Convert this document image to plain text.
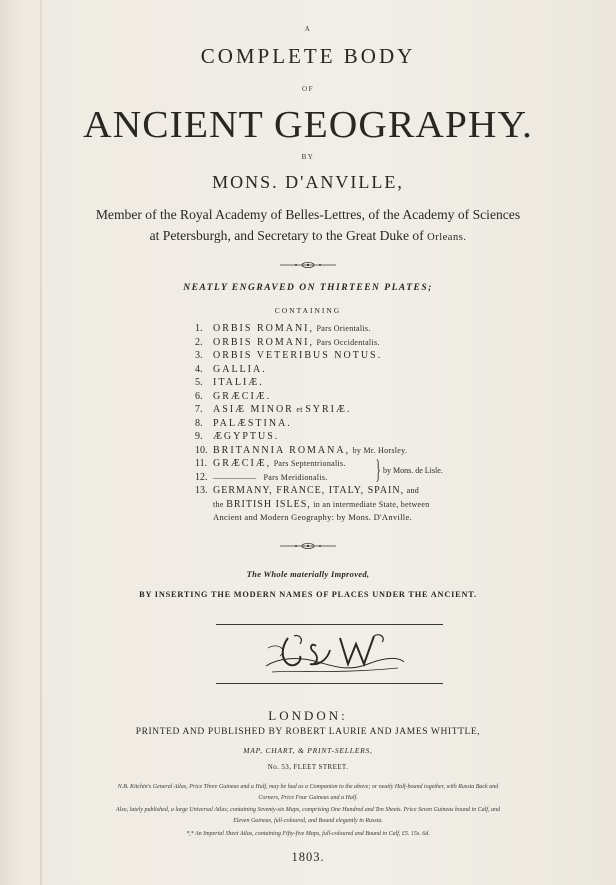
A
COMPLETE BODY
OF
ANCIENT GEOGRAPHY.
BY
MONS. D'ANVILLE,
Member of the Royal Academy of Belles-Lettres, of the Academy of Sciences
at Petersburgh, and Secretary to the Great Duke of Orleans.
NEATLY ENGRAVED ON THIRTEEN PLATES;
CONTAINING
1. ORBIS ROMANI, Pars Orientalis.
2. ORBIS ROMANI, Pars Occidentalis.
3. ORBIS VETERIBUS NOTUS.
4. GALLIA.
5. ITALIÆ.
6. GRÆCIÆ.
7. ASIÆ MINOR et SYRIÆ.
8. PALÆSTINA.
9. ÆGYPTUS.
10. BRITANNIA ROMANA, by Mr. Horsley.
11. GRÆCIÆ, Pars Septentrionalis.
12. —————— Pars Meridionalis.	} by Mons. de Lisle.
13. GERMANY, FRANCE, ITALY, SPAIN, and
the BRITISH ISLES, in an intermediate State, between
Ancient and Modern Geography: by Mons. D'Anville.
The Whole materially Improved,
BY INSERTING THE MODERN NAMES OF PLACES UNDER THE ANCIENT.
LONDON:
PRINTED AND PUBLISHED BY ROBERT LAURIE AND JAMES WHITTLE,
MAP, CHART, & PRINT-SELLERS,
No. 53, FLEET STREET.
N.B. Kitchin's General Atlas, Price Three Guineas and a Half, may be had as a Companion to the above; or neatly Half-bound together, with Russia Back and
Corners, Price Four Guineas and a Half.
Also, lately published, a large Universal Atlas; containing Seventy-six Maps, comprising One Hundred and Ten Sheets. Price Seven Guineas bound in Calf, and
Eleven Guineas, full-coloured, and Bound elegantly in Russia.
*,* An Imperial Sheet Atlas, containing Fifty-five Maps, full-coloured and Bound in Calf, £5. 15s. 6d.
1803.
